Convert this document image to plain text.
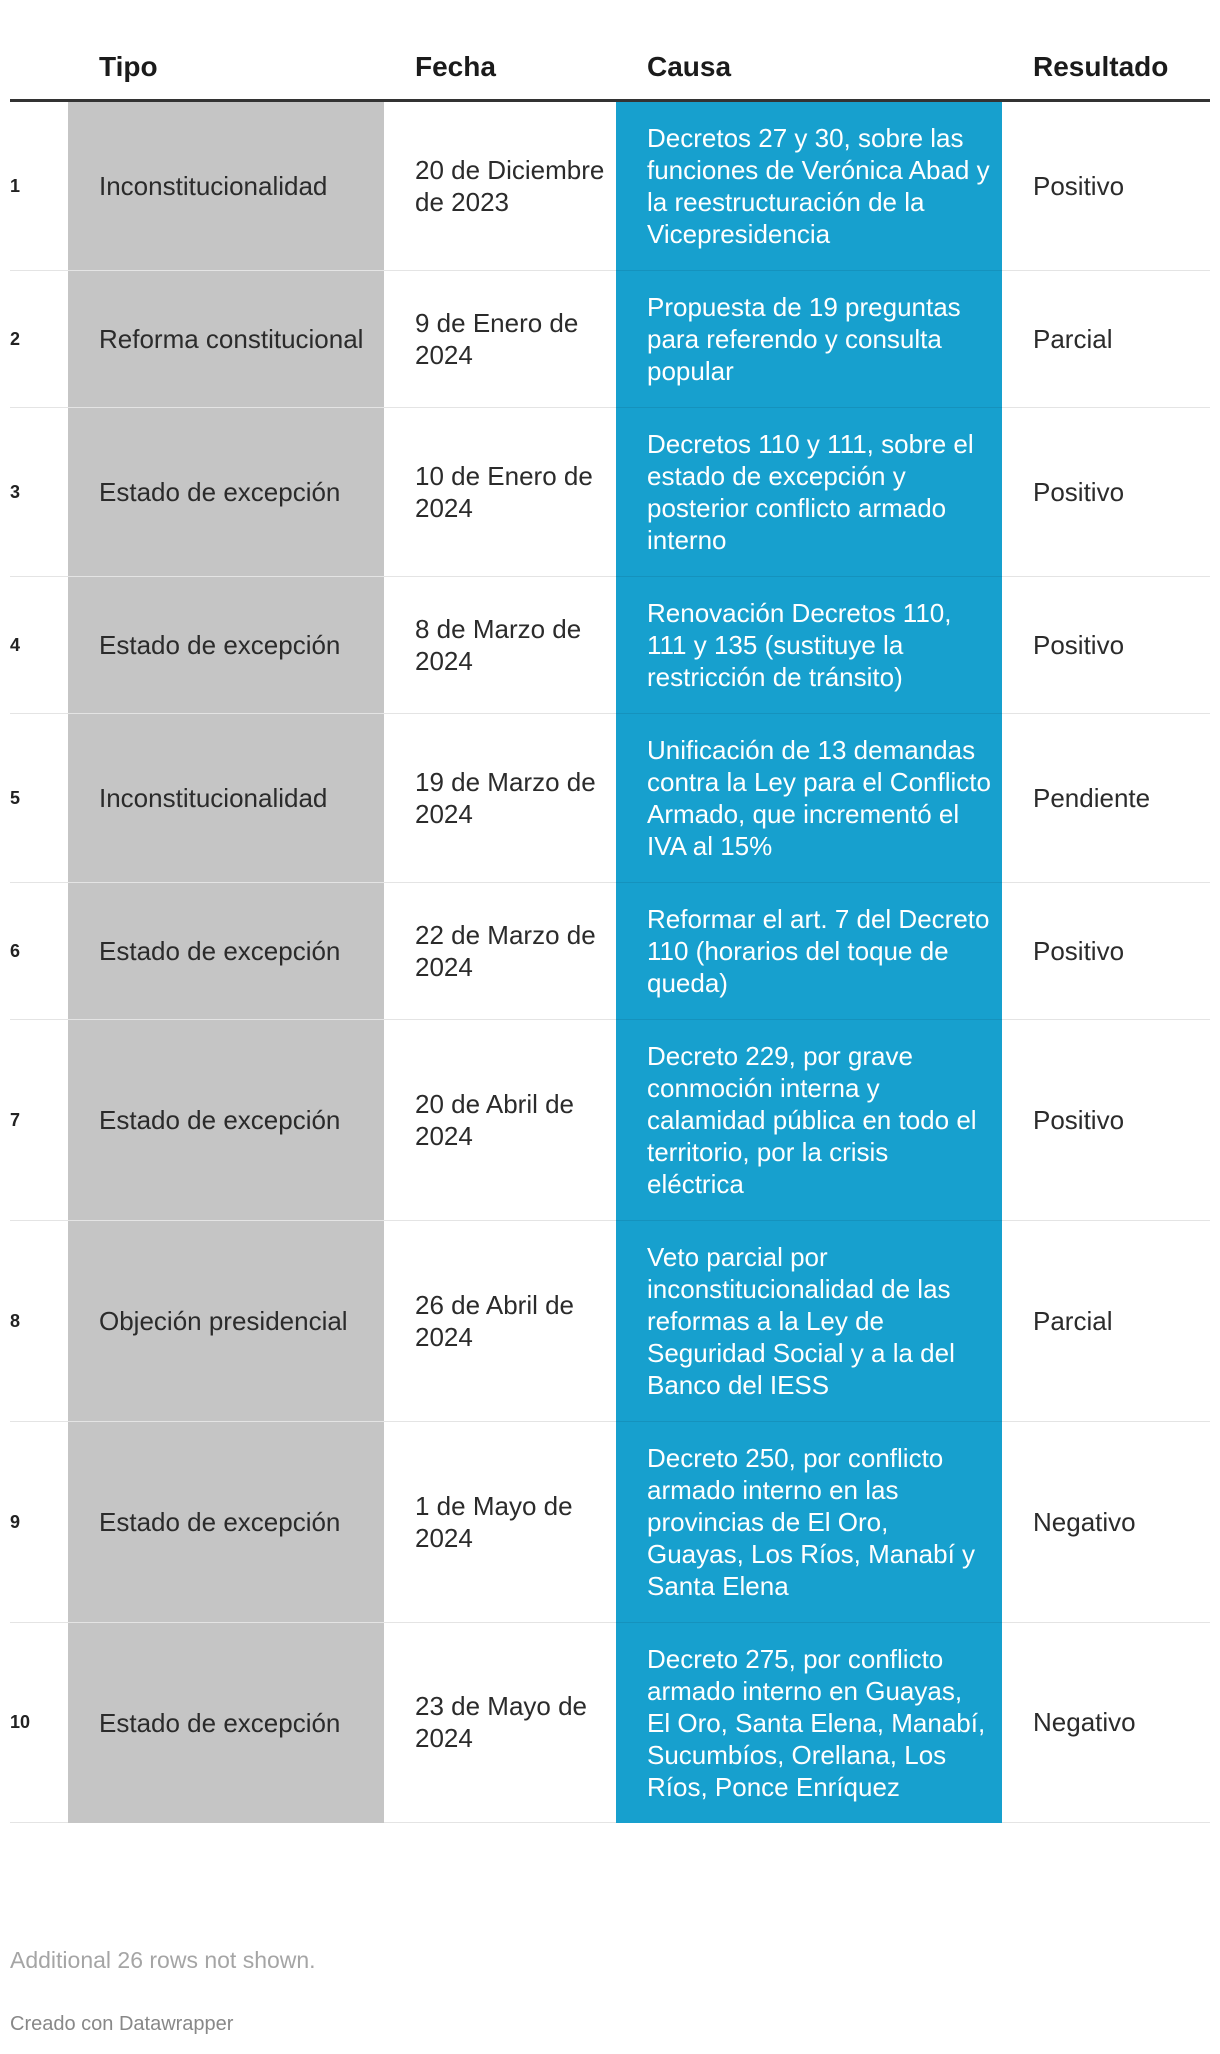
	Tipo	Fecha	Causa	Resultado
1	Inconstitucionalidad	20 de Diciembre de 2023	Decretos 27 y 30, sobre las funciones de Verónica Abad y la reestructuración de la Vicepresidencia	Positivo
2	Reforma constitucional	9 de Enero de 2024	Propuesta de 19 preguntas para referendo y consulta popular	Parcial
3	Estado de excepción	10 de Enero de 2024	Decretos 110 y 111, sobre el estado de excepción y posterior conflicto armado interno	Positivo
4	Estado de excepción	8 de Marzo de 2024	Renovación Decretos 110, 111 y 135 (sustituye la restricción de tránsito)	Positivo
5	Inconstitucionalidad	19 de Marzo de 2024	Unificación de 13 demandas contra la Ley para el Conflicto Armado, que incrementó el IVA al 15%	Pendiente
6	Estado de excepción	22 de Marzo de 2024	Reformar el art. 7 del Decreto 110 (horarios del toque de queda)	Positivo
7	Estado de excepción	20 de Abril de 2024	Decreto 229, por grave conmoción interna y calamidad pública en todo el territorio, por la crisis eléctrica	Positivo
8	Objeción presidencial	26 de Abril de 2024	Veto parcial por inconstitucionalidad de las reformas a la Ley de Seguridad Social y a la del Banco del IESS	Parcial
9	Estado de excepción	1 de Mayo de 2024	Decreto 250, por conflicto armado interno en las provincias de El Oro, Guayas, Los Ríos, Manabí y Santa Elena	Negativo
10	Estado de excepción	23 de Mayo de 2024	Decreto 275, por conflicto armado interno en Guayas, El Oro, Santa Elena, Manabí, Sucumbíos, Orellana, Los Ríos, Ponce Enríquez	Negativo
Additional 26 rows not shown.
Creado con Datawrapper
